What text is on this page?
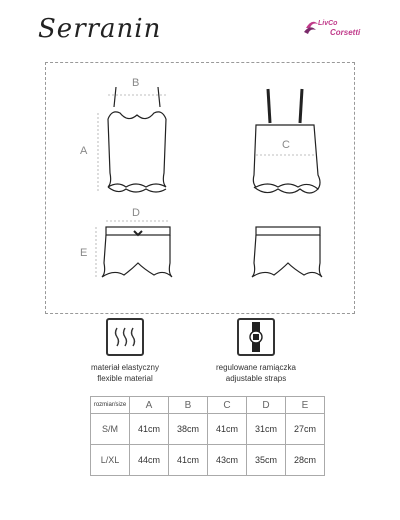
Serranin	LivCo
Corsetti
B
A	C
D
E
materiał elastyczny
flexible material
regulowane ramiączka
adjustable straps
rozmiar/size	A	B	C	D	E
S/M	41cm	38cm	41cm	31cm	27cm
L/XL	44cm	41cm	43cm	35cm	28cm
